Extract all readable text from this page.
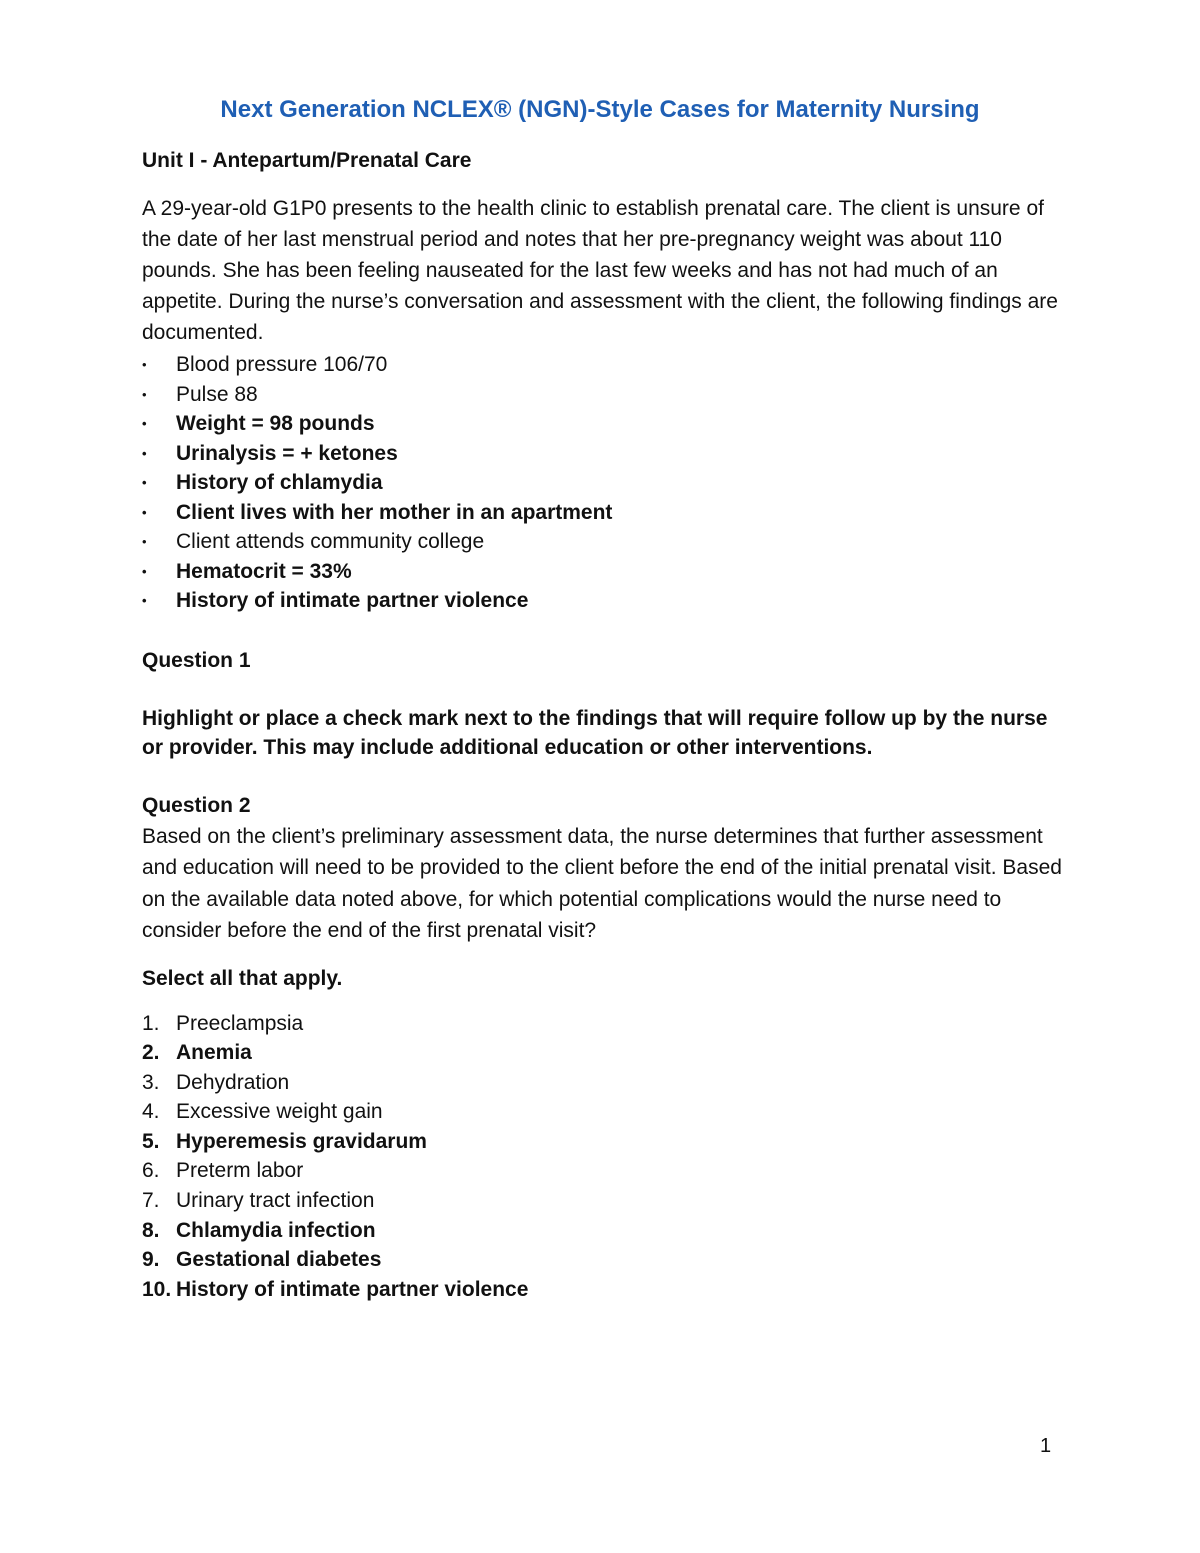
Next Generation NCLEX® (NGN)-Style Cases for Maternity Nursing

Unit I - Antepartum/Prenatal Care

A 29-year-old G1P0 presents to the health clinic to establish prenatal care. The client is unsure of the date of her last menstrual period and notes that her pre-pregnancy weight was about 110 pounds. She has been feeling nauseated for the last few weeks and has not had much of an appetite. During the nurse’s conversation and assessment with the client, the following findings are documented.

• Blood pressure 106/70
• Pulse 88
• Weight = 98 pounds
• Urinalysis = + ketones
• History of chlamydia
• Client lives with her mother in an apartment
• Client attends community college
• Hematocrit = 33%
• History of intimate partner violence

Question 1

Highlight or place a check mark next to the findings that will require follow up by the nurse or provider. This may include additional education or other interventions.

Question 2

Based on the client’s preliminary assessment data, the nurse determines that further assessment and education will need to be provided to the client before the end of the initial prenatal visit. Based on the available data noted above, for which potential complications would the nurse need to consider before the end of the first prenatal visit?

Select all that apply.

1. Preeclampsia
2. Anemia
3. Dehydration
4. Excessive weight gain
5. Hyperemesis gravidarum
6. Preterm labor
7. Urinary tract infection
8. Chlamydia infection
9. Gestational diabetes
10. History of intimate partner violence
1
